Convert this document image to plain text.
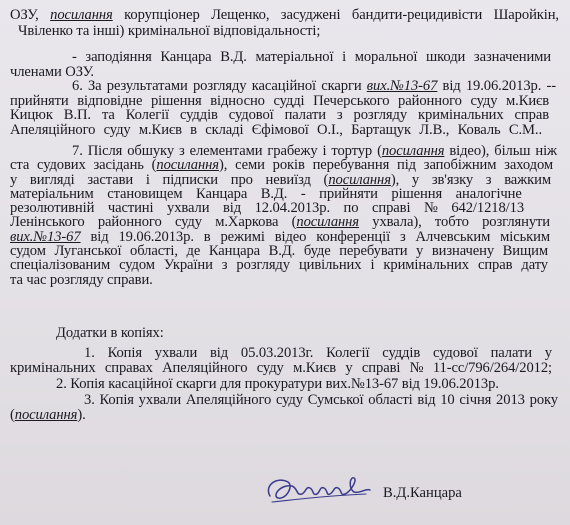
ОЗУ, посилання корупціонер Лещенко, засуджені бандити-рецидивісти Шаройкін,
Чвіленко та інші) кримінальної відповідальності;
- заподіяння Канцара В.Д. матеріальної і моральної шкоди зазначеними
членами ОЗУ.
6. За результатами розгляду касаційної скарги вих.№13-67 від 19.06.2013р. --
прийняти відповідне рішення відносно судді Печерського районного суду м.Києв
Кицюк В.П. та Колегії суддів судової палати з розгляду кримінальних справ
Апеляційного суду м.Києв в складі Єфімової О.І., Бартащук Л.В., Коваль С.М..
7. Після обшуку з елементами грабежу і тортур (посилання відео), більш ніж
ста судових засідань (посилання), семи років перебування під запобіжним заходом
у вигляді застави і підписки про невиїзд (посилання), у зв'язку з важким
матеріальним становищем Канцара В.Д. - прийняти рішення аналогічне
резолютивній частині ухвали від 12.04.2013р. по справі № 642/1218/13
Ленінського районного суду м.Харкова (посилання ухвала), тобто розглянути
вих.№13-67 від 19.06.2013р. в режимі відео конференції з Алчевським міським
судом Луганської області, де Канцара В.Д. буде перебувати у визначену Вищим
спеціалізованим судом України з розгляду цивільних і кримінальних справ дату
та час розгляду справи.
Додатки в копіях:
1. Копія ухвали від 05.03.2013г. Колегії суддів судової палати у
кримінальних справах Апеляційного суду м.Києв у справі № 11-сс/796/264/2012;
2. Копія касаційної скарги для прокуратури вих.№13-67 від 19.06.2013р.
3. Копія ухвали Апеляційного суду Сумської області від 10 січня 2013 року
(посилання).
В.Д.Канцара
